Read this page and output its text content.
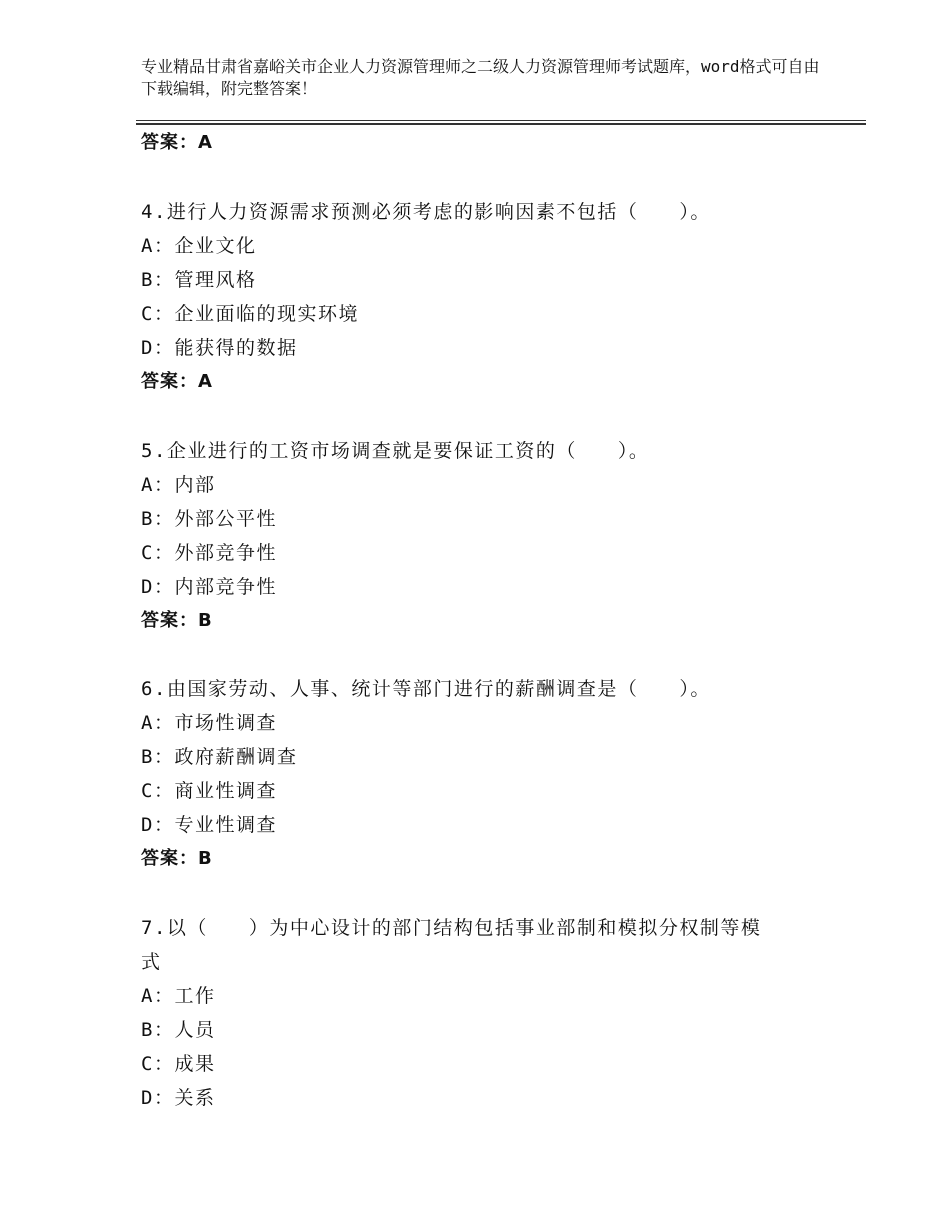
专业精品甘肃省嘉峪关市企业人力资源管理师之二级人力资源管理师考试题库，word格式可自由下载编辑，附完整答案！
答案：A
4.进行人力资源需求预测必须考虑的影响因素不包括（　　）。
A：企业文化
B：管理风格
C：企业面临的现实环境
D：能获得的数据
答案：A
5.企业进行的工资市场调查就是要保证工资的（　　）。
A：内部
B：外部公平性
C：外部竞争性
D：内部竞争性
答案：B
6.由国家劳动、人事、统计等部门进行的薪酬调查是（　　）。
A：市场性调查
B：政府薪酬调查
C：商业性调查
D：专业性调查
答案：B
7.以（　　）为中心设计的部门结构包括事业部制和模拟分权制等模
式
A：工作
B：人员
C：成果
D：关系
